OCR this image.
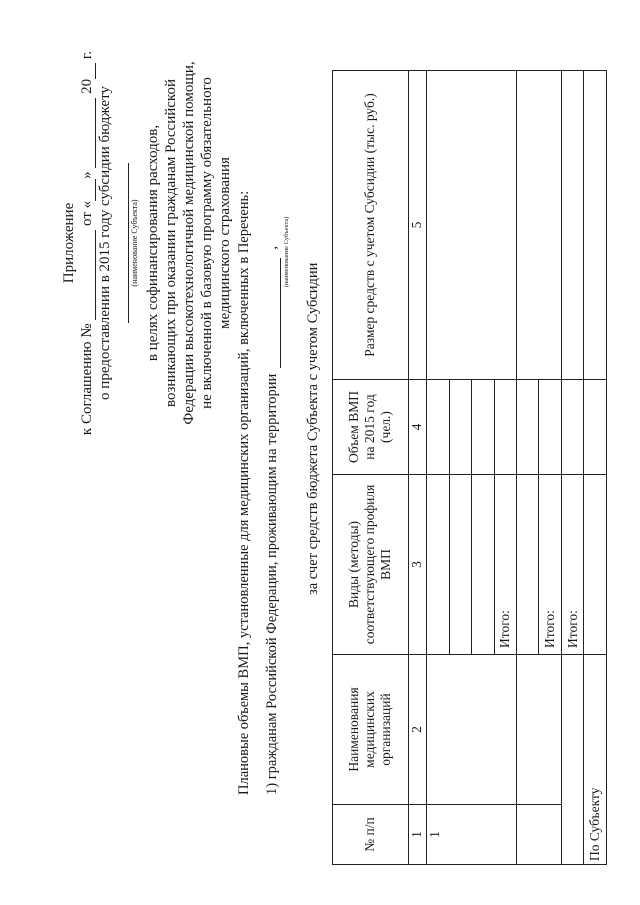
Приложение
к Соглашению №  от «»  20 г.
о предоставлении в 2015 году субсидии бюджету (наименование Субъекта) в целях софинансирования расходов, возникающих при оказании гражданам Российской Федерации высокотехнологичной медицинской помощи, не включенной в базовую программу обязательного медицинского страхования Плановые объемы ВМП, установленные для медицинских организаций, включенных в Перечень: 1) гражданам Российской Федерации, проживающим на территории, (наименование Субъекта)
за счет средств бюджета Субъекта с учетом Субсидии
№ п/п	Наименования медицинских организаций	Виды (методы) соответствующего профиля ВМП	Объем ВМП на 2015 год (чел.)	Размер средств с учетом Субсидии (тыс. руб.)
1	2	3	4	5
1				

		Итого:		

		Итого:		
		Итого:		
По Субъекту				
